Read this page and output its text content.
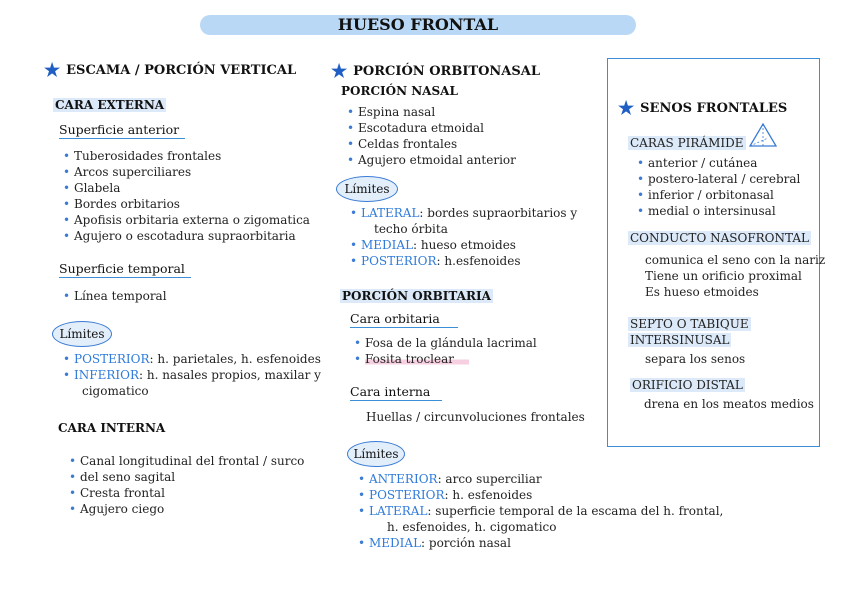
HUESO FRONTAL
★ ESCAMA / PORCIÓN VERTICAL
CARA EXTERNA
Superficie anterior
• Tuberosidades frontales
• Arcos superciliares
• Glabela
• Bordes orbitarios
• Apofisis orbitaria externa o zigomatica
• Agujero o escotadura supraorbitaria
Superficie temporal
• Línea temporal
Límites
• POSTERIOR: h. parietales, h. esfenoides
• INFERIOR: h. nasales propios, maxilar y
cigomatico
CARA INTERNA
• Canal longitudinal del frontal / surco
• del seno sagital
• Cresta frontal
• Agujero ciego
★ PORCIÓN ORBITONASAL
PORCIÓN NASAL
• Espina nasal
• Escotadura etmoidal
• Celdas frontales
• Agujero etmoidal anterior
Límites
• LATERAL: bordes supraorbitarios y
techo órbita
• MEDIAL: hueso etmoides
• POSTERIOR: h.esfenoides
PORCIÓN ORBITARIA
Cara orbitaria
• Fosa de la glándula lacrimal
• Fosita troclear
Cara interna
Huellas / circunvoluciones frontales
Límites
• ANTERIOR: arco superciliar
• POSTERIOR: h. esfenoides
• LATERAL: superficie temporal de la escama del h. frontal,
h. esfenoides, h. cigomatico
• MEDIAL: porción nasal
★ SENOS FRONTALES
CARAS PIRÁMIDE
• anterior / cutánea
• postero-lateral / cerebral
• inferior / orbitonasal
• medial o intersinusal
CONDUCTO NASOFRONTAL
comunica el seno con la nariz
Tiene un orificio proximal
Es hueso etmoides
SEPTO O TABIQUE
INTERSINUSAL
separa los senos
ORIFICIO DISTAL
drena en los meatos medios
